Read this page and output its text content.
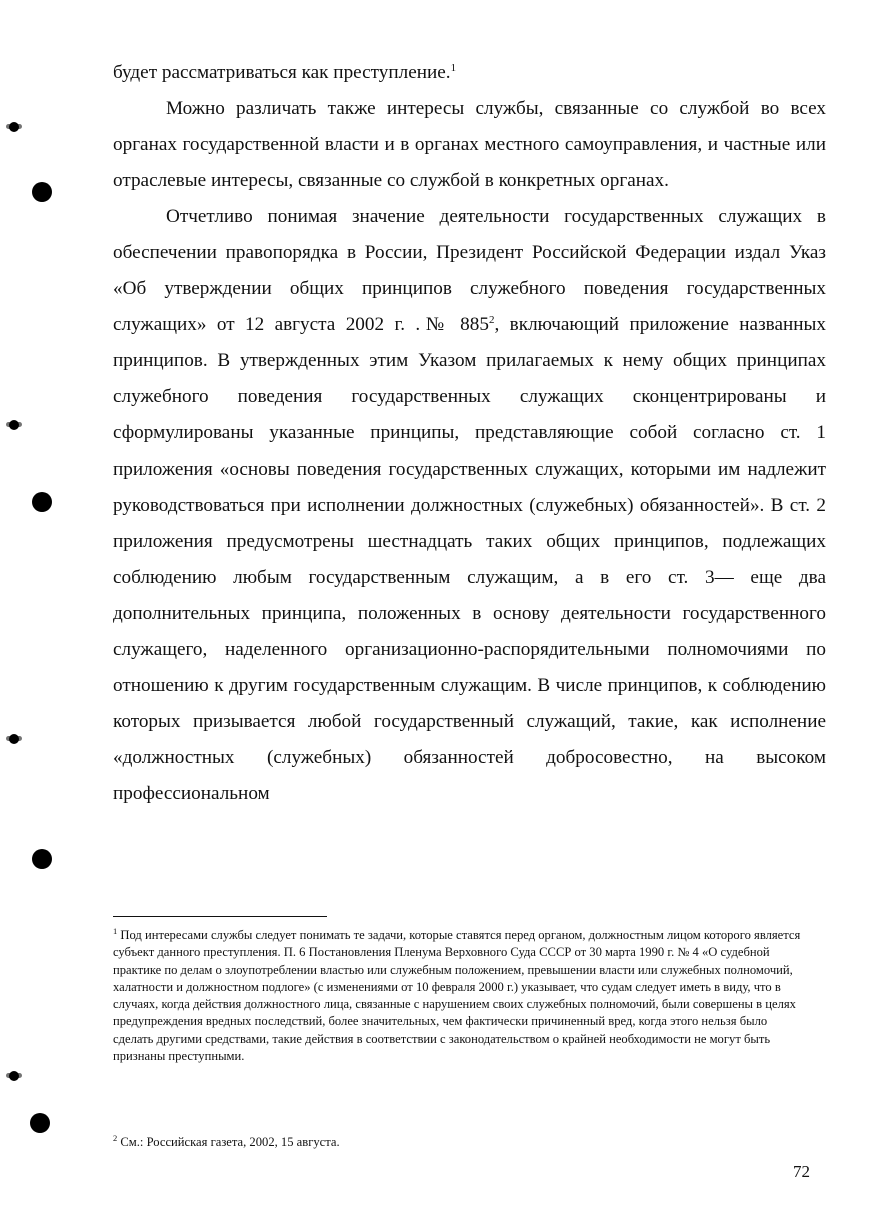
будет рассматриваться как преступление.$^1$

Можно различать также интересы службы, связанные со службой во всех органах государственной власти и в органах местного самоуправления, и частные или отраслевые интересы, связанные со службой в конкретных органах.

Отчетливо понимая значение деятельности государственных служащих в обеспечении правопорядка в России, Президент Российской Федерации издал Указ «Об утверждении общих принципов служебного поведения государственных служащих» от 12 августа 2002 г. .№ $885^2$, включающий приложение названных принципов. В утвержденных этим Указом прилагаемых к нему общих принципах служебного поведения государственных служащих сконцентрированы и сформулированы указанные принципы, представляющие собой согласно ст. 1 приложения «основы поведения государственных служащих, которыми им надлежит руководствоваться при исполнении должностных (служебных) обязанностей». В ст. 2 приложения предусмотрены шестнадцать таких общих принципов, подлежащих соблюдению любым государственным служащим, а в его ст. 3— еще два дополнительных принципа, положенных в основу деятельности государственного служащего, наделенного организационно-распорядительными полномочиями по отношению к другим государственным служащим. В числе принципов, к соблюдению которых призывается любой государственный служащий, такие, как исполнение «должностных (служебных) обязанностей добросовестно, на высоком профессиональном

$^1$ Под интересами службы следует понимать те задачи, которые ставятся перед органом, должностным лицом которого является субъект данного преступления. П. 6 Постановления Пленума Верховного Суда СССР от 30 марта 1990 г. № 4 «О судебной практике по делам о злоупотреблении властью или служебным положением, превышении власти или служебных полномочий, халатности и должностном подлоге» (с изменениями от 10 февраля 2000 г.) указывает, что судам следует иметь в виду, что в случаях, когда действия должностного лица, связанные с нарушением своих служебных полномочий, были совершены в целях предупреждения вредных последствий, более значительных, чем фактически причиненный вред, когда этого нельзя было сделать другими средствами, такие действия в соответствии с законодательством о крайней необходимости не могут быть признаны преступными.
$^2$ См.: Российская газета, 2002, 15 августа.
72
